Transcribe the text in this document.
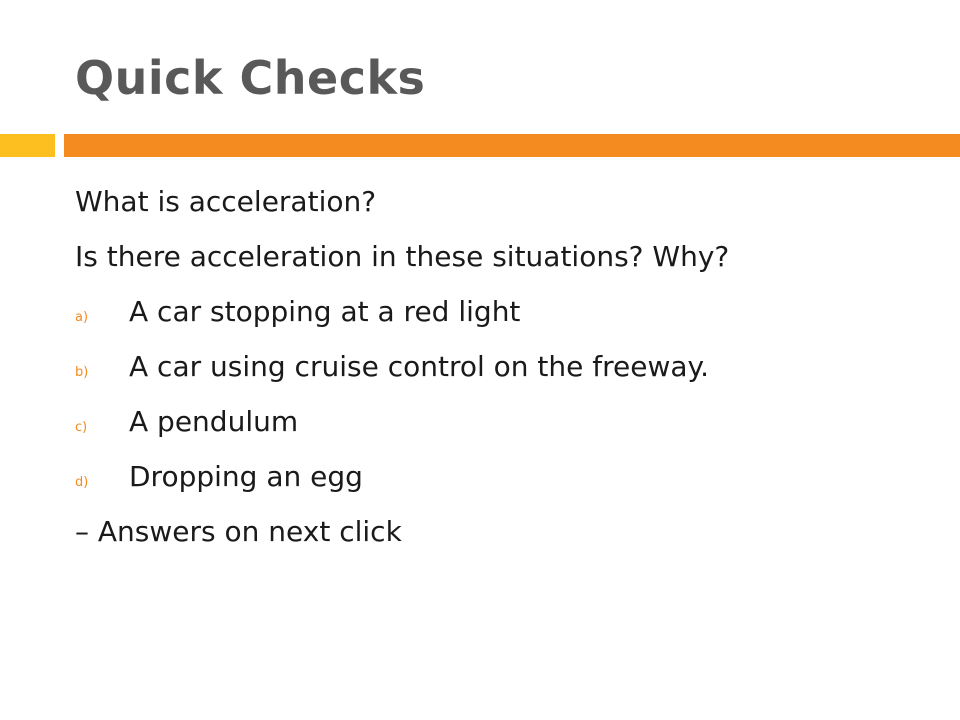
Quick Checks
What is acceleration?
Is there acceleration in these situations? Why?
a)	A car stopping at a red light
b)	A car using cruise control on the freeway.
c)	A pendulum
d)	Dropping an egg
– Answers on next click
